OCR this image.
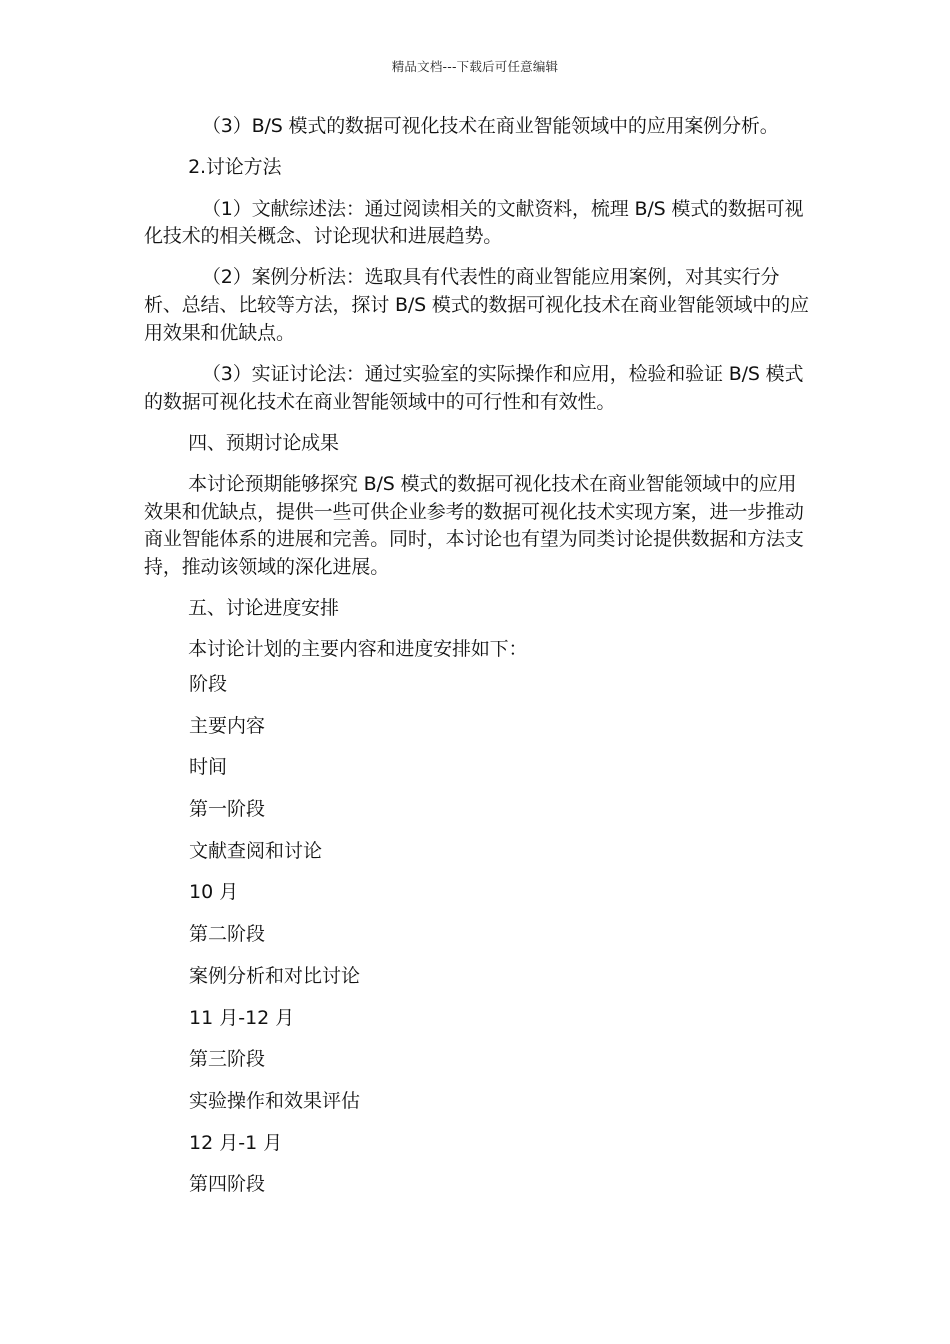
精品文档---下载后可任意编辑

（3）B/S 模式的数据可视化技术在商业智能领域中的应用案例分析。

2.讨论方法

（1）文献综述法：通过阅读相关的文献资料，梳理 B/S 模式的数据可视化技术的相关概念、讨论现状和进展趋势。

（2）案例分析法：选取具有代表性的商业智能应用案例，对其实行分析、总结、比较等方法，探讨 B/S 模式的数据可视化技术在商业智能领域中的应用效果和优缺点。

（3）实证讨论法：通过实验室的实际操作和应用，检验和验证 B/S 模式的数据可视化技术在商业智能领域中的可行性和有效性。

四、预期讨论成果

本讨论预期能够探究 B/S 模式的数据可视化技术在商业智能领域中的应用效果和优缺点，提供一些可供企业参考的数据可视化技术实现方案，进一步推动商业智能体系的进展和完善。同时，本讨论也有望为同类讨论提供数据和方法支持，推动该领域的深化进展。

五、讨论进度安排

本讨论计划的主要内容和进度安排如下：

阶段

主要内容

时间

第一阶段

文献查阅和讨论

10 月

第二阶段

案例分析和对比讨论

11 月-12 月

第三阶段

实验操作和效果评估

12 月-1 月

第四阶段
